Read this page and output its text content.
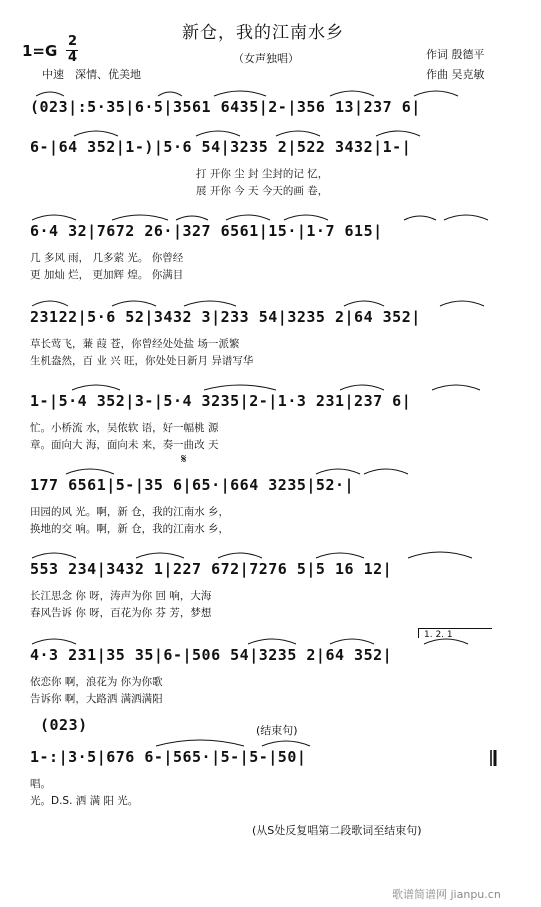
新仓，我的江南水乡
（女声独唱）
1=G
2
4
中速　深情、优美地
作词 殷德平
作曲 吴克敏
(023|:5·35|6·5|3561 6435|2-|356 13|237 6|
6-|64 352|1-)|5·6 54|3235 2|522 3432|1-|
打 开你 尘 封 尘封的记 忆，
展 开你 今 天 今天的画 卷，
6·4 32|7672 26·|327 6561|15·|1·7 615|
几 多风 雨， 几多萦 光。 你曾经
更 加灿 烂， 更加辉 煌。 你满目
23122|5·6 52|3432 3|233 54|3235 2|64 352|
草长莺飞，蒹 葭 苍，你曾经处处盐 场一派繁
生机盎然，百 业 兴 旺，你处处日新月 异谱写华
1-|5·4 352|3-|5·4 3235|2-|1·3 231|237 6|
忙。小桥流 水，吴侬软 语，好一幅桃 源
章。面向大 海，面向未 来，奏一曲改 天
177 6561|5-|35 6|65·|664 3235|52·|
田园的风 光。啊，新 仓，我的江南水 乡，
换地的交 响。啊，新 仓，我的江南水 乡，
𝄋
553 234|3432 1|227 672|7276 5|5 16 12|
长江思念 你 呀，涛声为你 回 响，大海
春风告诉 你 呀，百花为你 芬 芳，梦想
1. 2. 1
4·3 231|35 35|6-|506 54|3235 2|64 352|
依恋你 啊，浪花为 你为你歌
告诉你 啊，大路洒 满洒满阳
(023)	(结束句)
1-:|3·5|676 6-|565·|5-|5-|50|
唱。
光。D.S. 洒 满 阳 光。
(从S处反复唱第二段歌词至结束句)
歌谱简谱网 jianpu.cn
